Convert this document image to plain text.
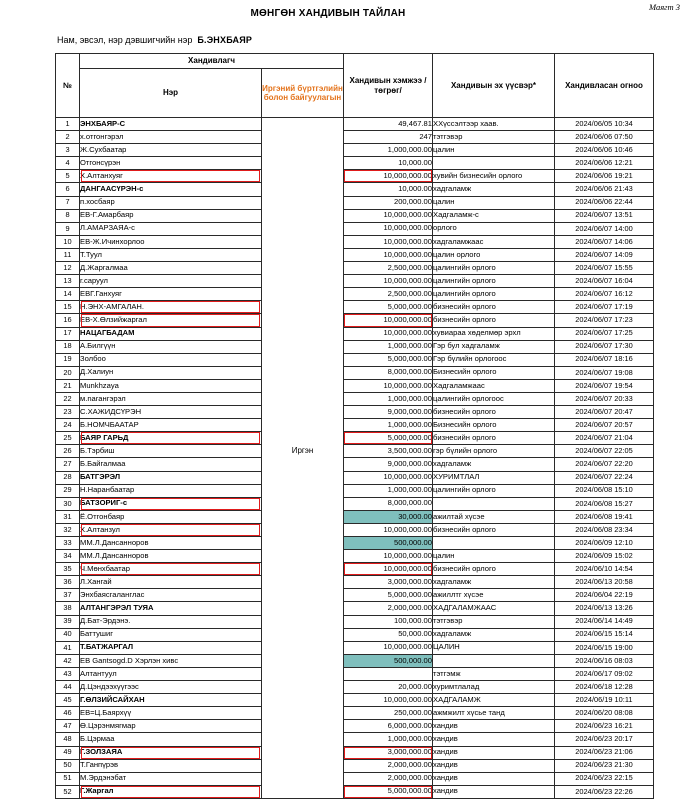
Маягт 3
МӨНГӨН ХАНДИВЫН ТАЙЛАН
Нам, эвсэл, нэр дэвшигчийн нэр Б.ЭНХБАЯР
№	Хандивлагч		Хандивын хэмжээ /төгрөг/	Хандивын эх үүсвэр*	Хандивласан огноо
	Нэр	Иргэний бүртгэлийн болон байгуулагын			
1	ЭНХБАЯР-С	Иргэн	49,467.81	ХХүссэлтээр хаав.	2024/06/05 10:34
2	х.отгонгэрэл		247	тэтгэвэр	2024/06/06 07:50
3	Ж.Сухбаатар		1,000,000.00	цалин	2024/06/06 10:46
4	Отгонсүрэн		10,000.00		2024/06/06 12:21
5	Х.Алтанхуяг		10,000,000.00	хувийн бизнесийн орлого	2024/06/06 19:21
6	ДАНГААСҮРЭН-с		10,000.00	хадгаламж	2024/06/06 21:43
7	п.хосбаяр		200,000.00	цалин	2024/06/06 22:44
8	ЕВ-Г.Амарбаяр		10,000,000.00	Хадгаламж-с	2024/06/07 13:51
9	Л.АМАРЗАЯА-с		10,000,000.00	орлого	2024/06/07 14:00
10	ЕВ-Ж.Ичинхорлоо		10,000,000.00	хадгаламжаас	2024/06/07 14:06
11	Т.Туул		10,000,000.00	цалин орлого	2024/06/07 14:09
12	Д.Жаргалмаа		2,500,000.00	цалингийн орлого	2024/06/07 15:55
13	г.саруул		10,000,000.00	цалингийн орлого	2024/06/07 16:04
14	ЕВГ.Ганхуяг		2,500,000.00	цалингийн орлого	2024/06/07 16:12
15	Н.ЭНХ-АМГАЛАН.		5,000,000.00	бизнесийн орлого	2024/06/07 17:19
16	ЕВ-Х.Өлзийжаргал		10,000,000.00	бизнесийн орлого	2024/06/07 17:23
17	НАЦАГБАДАМ		10,000,000.00	хувиараа хөделмөр эрхл	2024/06/07 17:25
18	А.Билгүүн		1,000,000.00	Гэр бул хадгаламж	2024/06/07 17:30
19	Золбоо		5,000,000.00	Гэр бүлийн орлогоос	2024/06/07 18:16
20	Д.Халиун		8,000,000.00	Бизнесийн орлого	2024/06/07 19:08
21	Munkhzaya		10,000,000.00	Хадгаламжаас	2024/06/07 19:54
22	м.narангэрэл		1,000,000.00	цалингийн орлогоос	2024/06/07 20:33
23	С.ХАЖИДСҮРЭН		9,000,000.00	бизнесийн орлого	2024/06/07 20:47
24	Б.НОМЧБААТАР		1,000,000.00	Бизнесийн орлого	2024/06/07 20:57
25	БАЯР ГАРЬД		5,000,000.00	бизнесийн орлого	2024/06/07 21:04
26	Б.Тэрбиш		3,500,000.00	гэр бүлийн орлого	2024/06/07 22:05
27	Б.Байгалмаа		9,000,000.00	хадгаламж	2024/06/07 22:20
28	БАТГЭРЭЛ		10,000,000.00	ХУРИМТЛАЛ	2024/06/07 22:24
29	Н.Наранбаатар		1,000,000.00	цалингийн орлого	2024/06/08 15:10
30	БАТЗОРИГ-с		8,000,000.00		2024/06/08 15:27
31	Ё.Отгонбаяр		30,000.00	ажилтай хүсэе	2024/06/08 19:41
32	Х.Алтанзул		10,000,000.00	бизнесийн орлого	2024/06/08 23:34
33	ММ.Л.Дансанноров		500,000.00		2024/06/09 12:10
34	ММ.Л.Дансанноров		10,000,000.00	цалин	2024/06/09 15:02
35	Ч.Мөнхбаатар		10,000,000.00	бизнесийн орлого	2024/06/10 14:54
36	Л.Хангай		3,000,000.00	хадгаламж	2024/06/13 20:58
37	Энхбаясгаланглас		5,000,000.00	ажиллтг хүсэе	2024/06/04 22:19
38	АЛТАНГЭРЭЛ ТУЯА		2,000,000.00	ХАДГАЛАМЖААС	2024/06/13 13:26
39	Д.Бат-Эрдэнэ.		100,000.00	тэтгэвэр	2024/06/14 14:49
40	Баттушиг		50,000.00	хадгаламж	2024/06/15 15:14
41	Т.БАТЖАРГАЛ		10,000,000.00	ЦАЛИН	2024/06/15 19:00
42	ЕВ Gantsogd.D Хэрлэн хивс		500,000.00		2024/06/16 08:03
43	Алтантуул			тэтгэмж	2024/06/17 09:02
44	Д.Цэндээхүүгээс		20,000.00	хуримтлалад	2024/06/18 12:28
45	Г.ӨЛЗИЙСАЙХАН		10,000,000.00	ХАДГАЛАМЖ	2024/06/19 10:11
46	ЕВ=Ц.Баярхүү		250,000.00	ажмжилт хүсье танд	2024/06/20 08:08
47	Ө.Цэрэнмягмар		6,000,000.00	хандив	2024/06/23 16:21
48	Б.Цэрмаа		1,000,000.00	хандив	2024/06/23 20:17
49	Г.ЗОЛЗАЯА		3,000,000.00	хандив	2024/06/23 21:06
50	Т.Ганпүрэв		2,000,000.00	хандив	2024/06/23 21:30
51	М.Эрдэнэбат		2,000,000.00	хандив	2024/06/23 22:15
52	Г.Жаргал		5,000,000.00	хандив	2024/06/23 22:26
